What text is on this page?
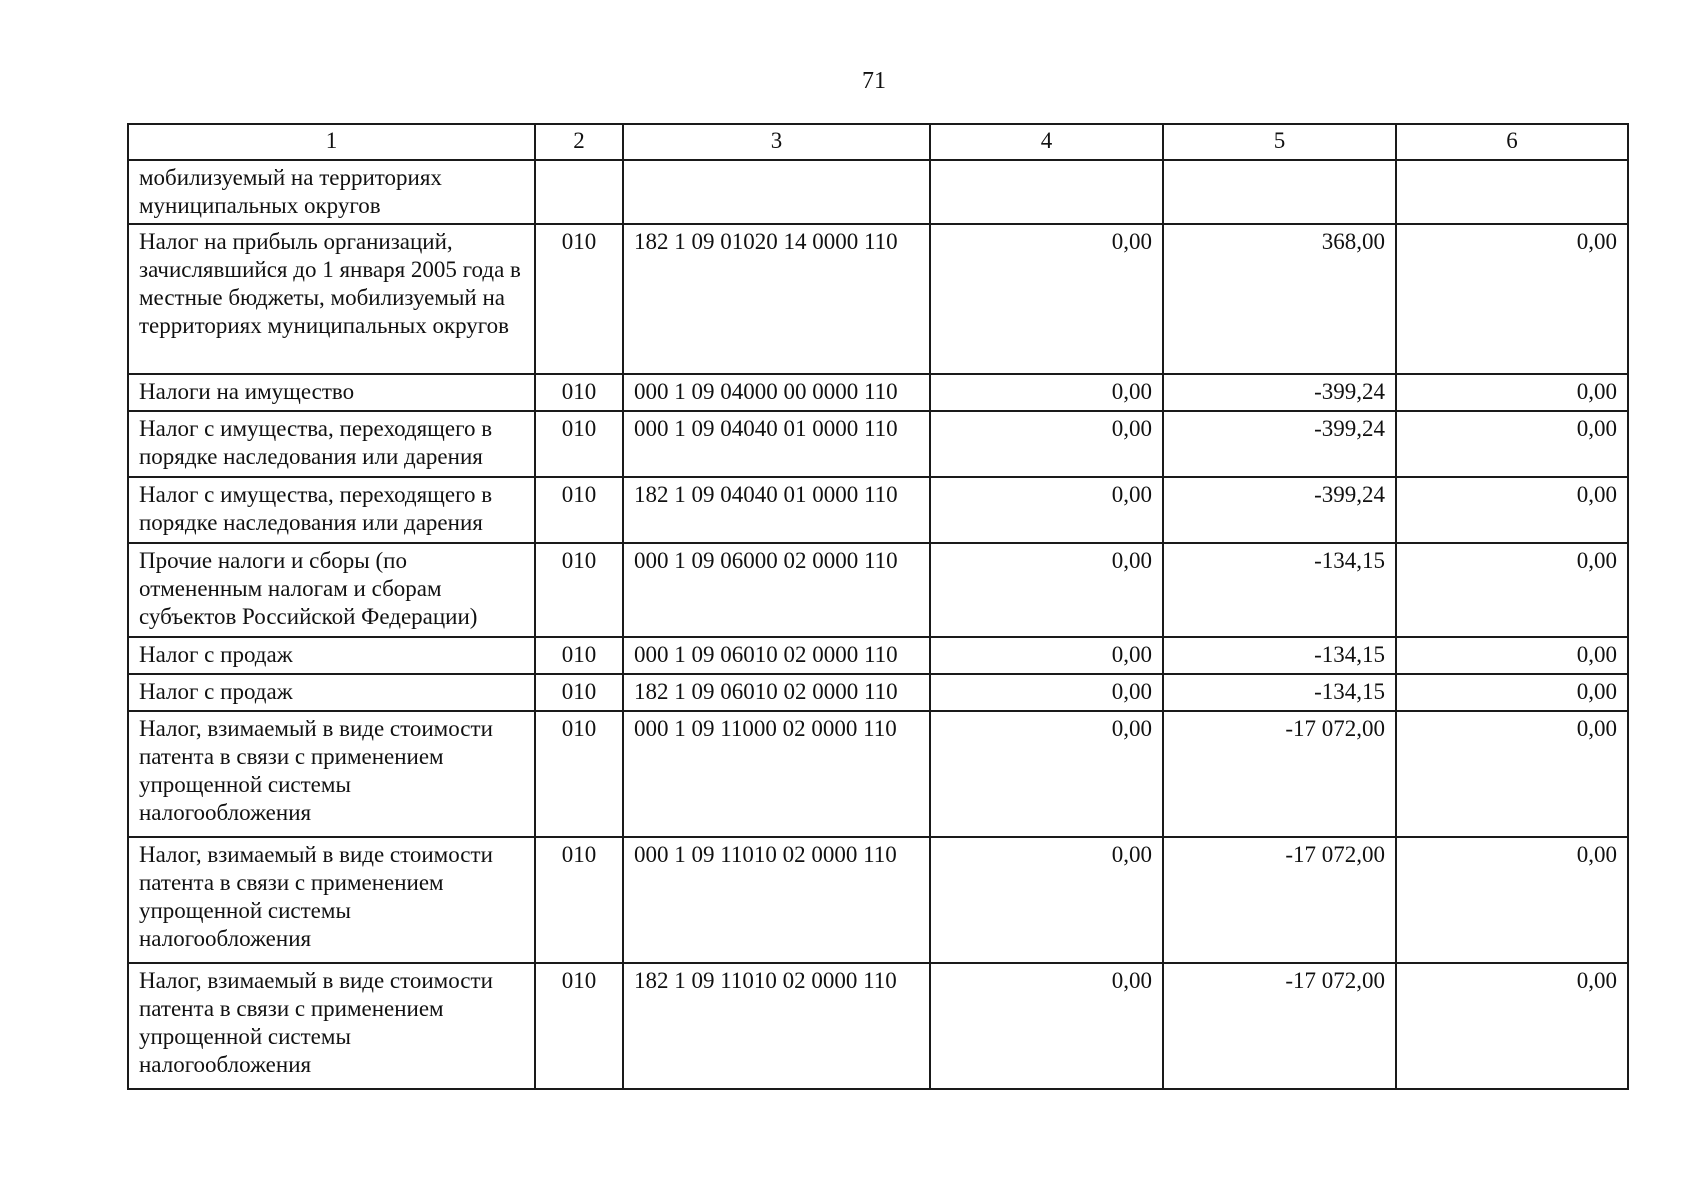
71
1	2	3	4	5	6
мобилизуемый на территориях муниципальных округов					
Налог на прибыль организаций, зачислявшийся до 1 января 2005 года в местные бюджеты, мобилизуемый на территориях муниципальных округов	010	182 1 09 01020 14 0000 110	0,00	368,00	0,00
Налоги на имущество	010	000 1 09 04000 00 0000 110	0,00	-399,24	0,00
Налог с имущества, переходящего в порядке наследования или дарения	010	000 1 09 04040 01 0000 110	0,00	-399,24	0,00
Налог с имущества, переходящего в порядке наследования или дарения	010	182 1 09 04040 01 0000 110	0,00	-399,24	0,00
Прочие налоги и сборы (по отмененным налогам и сборам субъектов Российской Федерации)	010	000 1 09 06000 02 0000 110	0,00	-134,15	0,00
Налог с продаж	010	000 1 09 06010 02 0000 110	0,00	-134,15	0,00
Налог с продаж	010	182 1 09 06010 02 0000 110	0,00	-134,15	0,00
Налог, взимаемый в виде стоимости патента в связи с применением упрощенной системы налогообложения	010	000 1 09 11000 02 0000 110	0,00	-17 072,00	0,00
Налог, взимаемый в виде стоимости патента в связи с применением упрощенной системы налогообложения	010	000 1 09 11010 02 0000 110	0,00	-17 072,00	0,00
Налог, взимаемый в виде стоимости патента в связи с применением упрощенной системы налогообложения	010	182 1 09 11010 02 0000 110	0,00	-17 072,00	0,00
